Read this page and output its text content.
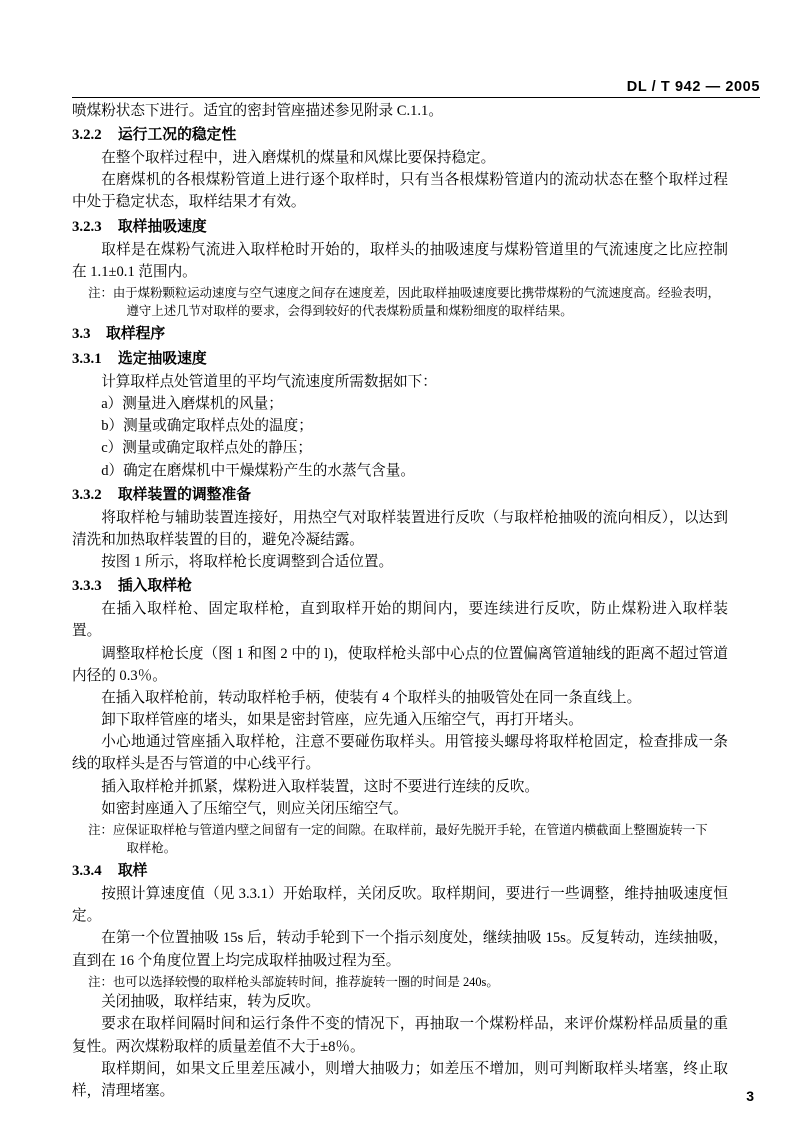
DL / T 942 — 2005

喷煤粉状态下进行。适宜的密封管座描述参见附录 C.1.1。

3.2.2 运行工况的稳定性

在整个取样过程中，进入磨煤机的煤量和风煤比要保持稳定。

在磨煤机的各根煤粉管道上进行逐个取样时，只有当各根煤粉管道内的流动状态在整个取样过程中处于稳定状态，取样结果才有效。

3.2.3 取样抽吸速度

取样是在煤粉气流进入取样枪时开始的，取样头的抽吸速度与煤粉管道里的气流速度之比应控制在 1.1±0.1 范围内。

注：由于煤粉颗粒运动速度与空气速度之间存在速度差，因此取样抽吸速度要比携带煤粉的气流速度高。经验表明，

遵守上述几节对取样的要求，会得到较好的代表煤粉质量和煤粉细度的取样结果。

3.3 取样程序

3.3.1 选定抽吸速度

计算取样点处管道里的平均气流速度所需数据如下：

a）测量进入磨煤机的风量；

b）测量或确定取样点处的温度；

c）测量或确定取样点处的静压；

d）确定在磨煤机中干燥煤粉产生的水蒸气含量。

3.3.2 取样装置的调整准备

将取样枪与辅助装置连接好，用热空气对取样装置进行反吹（与取样枪抽吸的流向相反），以达到清洗和加热取样装置的目的，避免冷凝结露。

按图 1 所示，将取样枪长度调整到合适位置。

3.3.3 插入取样枪

在插入取样枪、固定取样枪，直到取样开始的期间内，要连续进行反吹，防止煤粉进入取样装置。

调整取样枪长度（图 1 和图 2 中的 l)，使取样枪头部中心点的位置偏离管道轴线的距离不超过管道内径的 0.3％。

在插入取样枪前，转动取样枪手柄，使装有 4 个取样头的抽吸管处在同一条直线上。

卸下取样管座的堵头，如果是密封管座，应先通入压缩空气，再打开堵头。

小心地通过管座插入取样枪，注意不要碰伤取样头。用管接头螺母将取样枪固定，检查排成一条线的取样头是否与管道的中心线平行。

插入取样枪并抓紧，煤粉进入取样装置，这时不要进行连续的反吹。

如密封座通入了压缩空气，则应关闭压缩空气。

注：应保证取样枪与管道内壁之间留有一定的间隙。在取样前，最好先脱开手轮，在管道内横截面上整圈旋转一下

取样枪。

3.3.4 取样

按照计算速度值（见 3.3.1）开始取样，关闭反吹。取样期间，要进行一些调整，维持抽吸速度恒定。

在第一个位置抽吸 15s 后，转动手轮到下一个指示刻度处，继续抽吸 15s。反复转动，连续抽吸，直到在 16 个角度位置上均完成取样抽吸过程为至。

注：也可以选择较慢的取样枪头部旋转时间，推荐旋转一圈的时间是 240s。

关闭抽吸，取样结束，转为反吹。

要求在取样间隔时间和运行条件不变的情况下，再抽取一个煤粉样品，来评价煤粉样品质量的重复性。两次煤粉取样的质量差值不大于±8％。

取样期间，如果文丘里差压减小，则增大抽吸力；如差压不增加，则可判断取样头堵塞，终止取样，清理堵塞。	3
